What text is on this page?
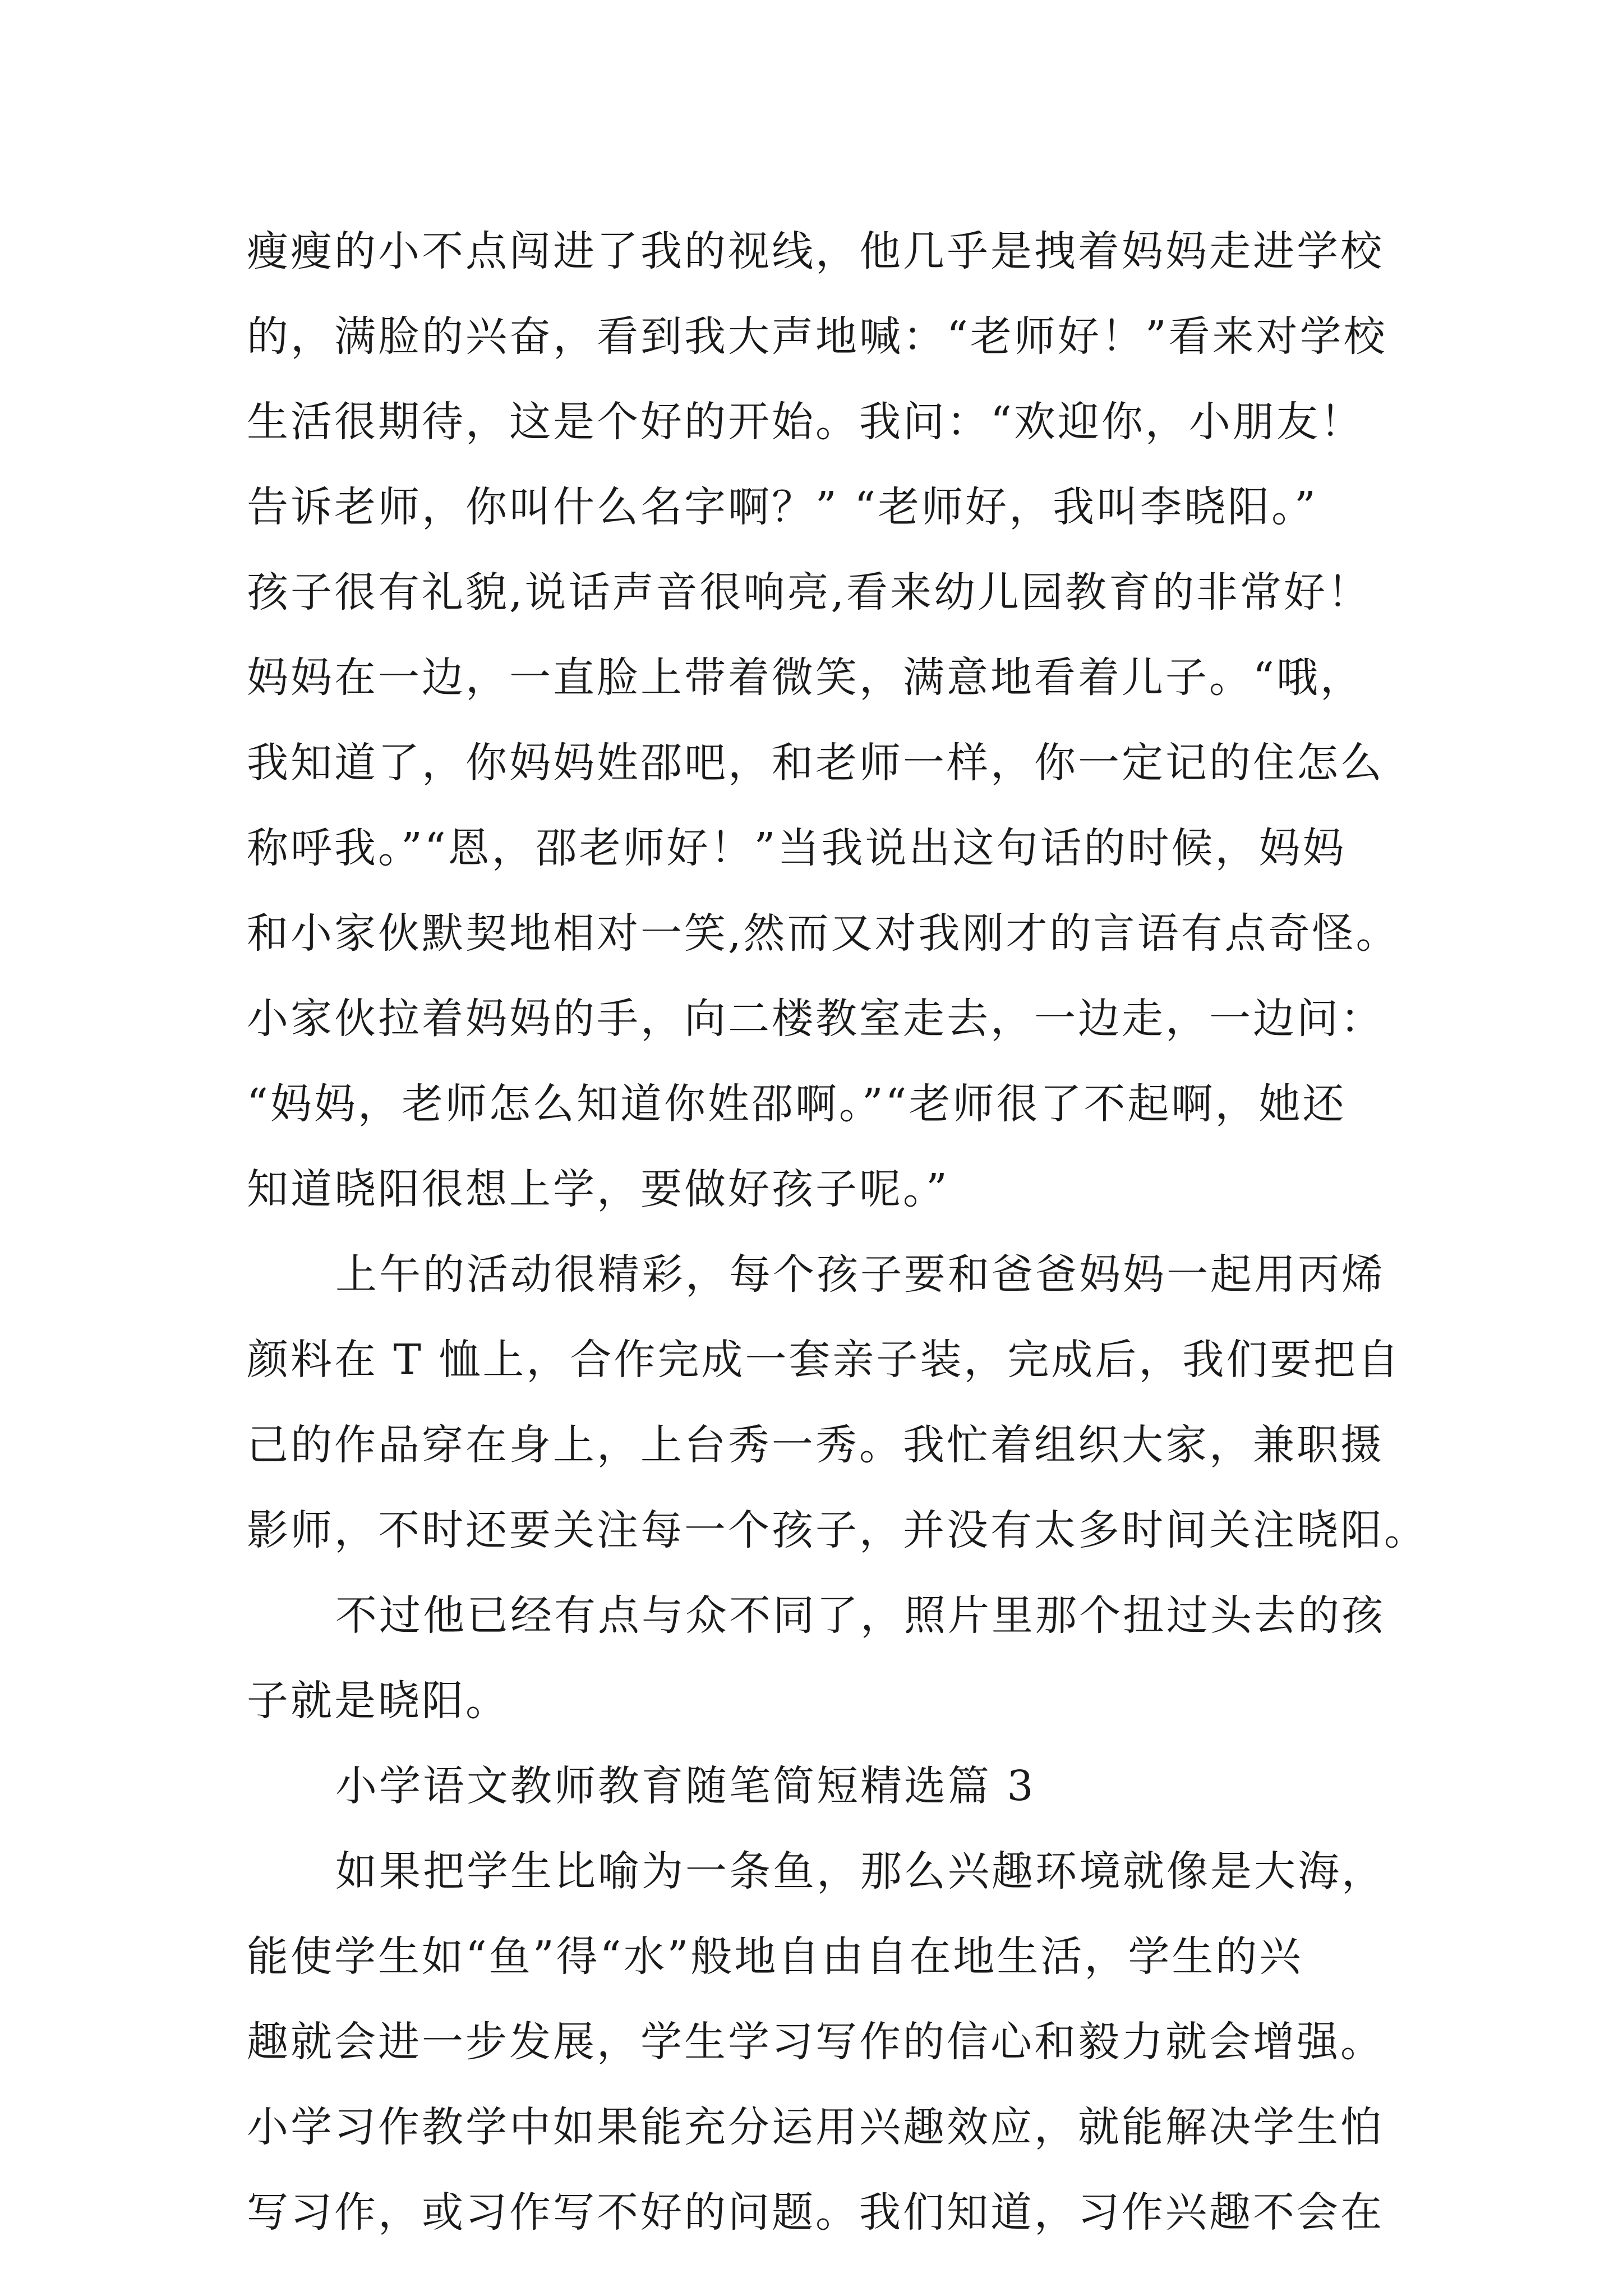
瘦瘦的小不点闯进了我的视线，他几乎是拽着妈妈走进学校
的，满脸的兴奋，看到我大声地喊：“老师好！”看来对学校
生活很期待，这是个好的开始。我问：“欢迎你，小朋友！
告诉老师，你叫什么名字啊？” “老师好，我叫李晓阳。”
孩子很有礼貌,说话声音很响亮,看来幼儿园教育的非常好！
妈妈在一边，一直脸上带着微笑，满意地看着儿子。“哦，
我知道了，你妈妈姓邵吧，和老师一样，你一定记的住怎么
称呼我。”“恩，邵老师好！”当我说出这句话的时候，妈妈
和小家伙默契地相对一笑,然而又对我刚才的言语有点奇怪。
小家伙拉着妈妈的手，向二楼教室走去，一边走，一边问：
“妈妈，老师怎么知道你姓邵啊。”“老师很了不起啊，她还
知道晓阳很想上学，要做好孩子呢。”
上午的活动很精彩，每个孩子要和爸爸妈妈一起用丙烯
颜料在 T 恤上，合作完成一套亲子装，完成后，我们要把自
己的作品穿在身上，上台秀一秀。我忙着组织大家，兼职摄
影师，不时还要关注每一个孩子，并没有太多时间关注晓阳。
不过他已经有点与众不同了，照片里那个扭过头去的孩
子就是晓阳。
小学语文教师教育随笔简短精选篇 3
如果把学生比喻为一条鱼，那么兴趣环境就像是大海，
能使学生如“鱼”得“水”般地自由自在地生活，学生的兴
趣就会进一步发展，学生学习写作的信心和毅力就会增强。
小学习作教学中如果能充分运用兴趣效应，就能解决学生怕
写习作，或习作写不好的问题。我们知道，习作兴趣不会在
